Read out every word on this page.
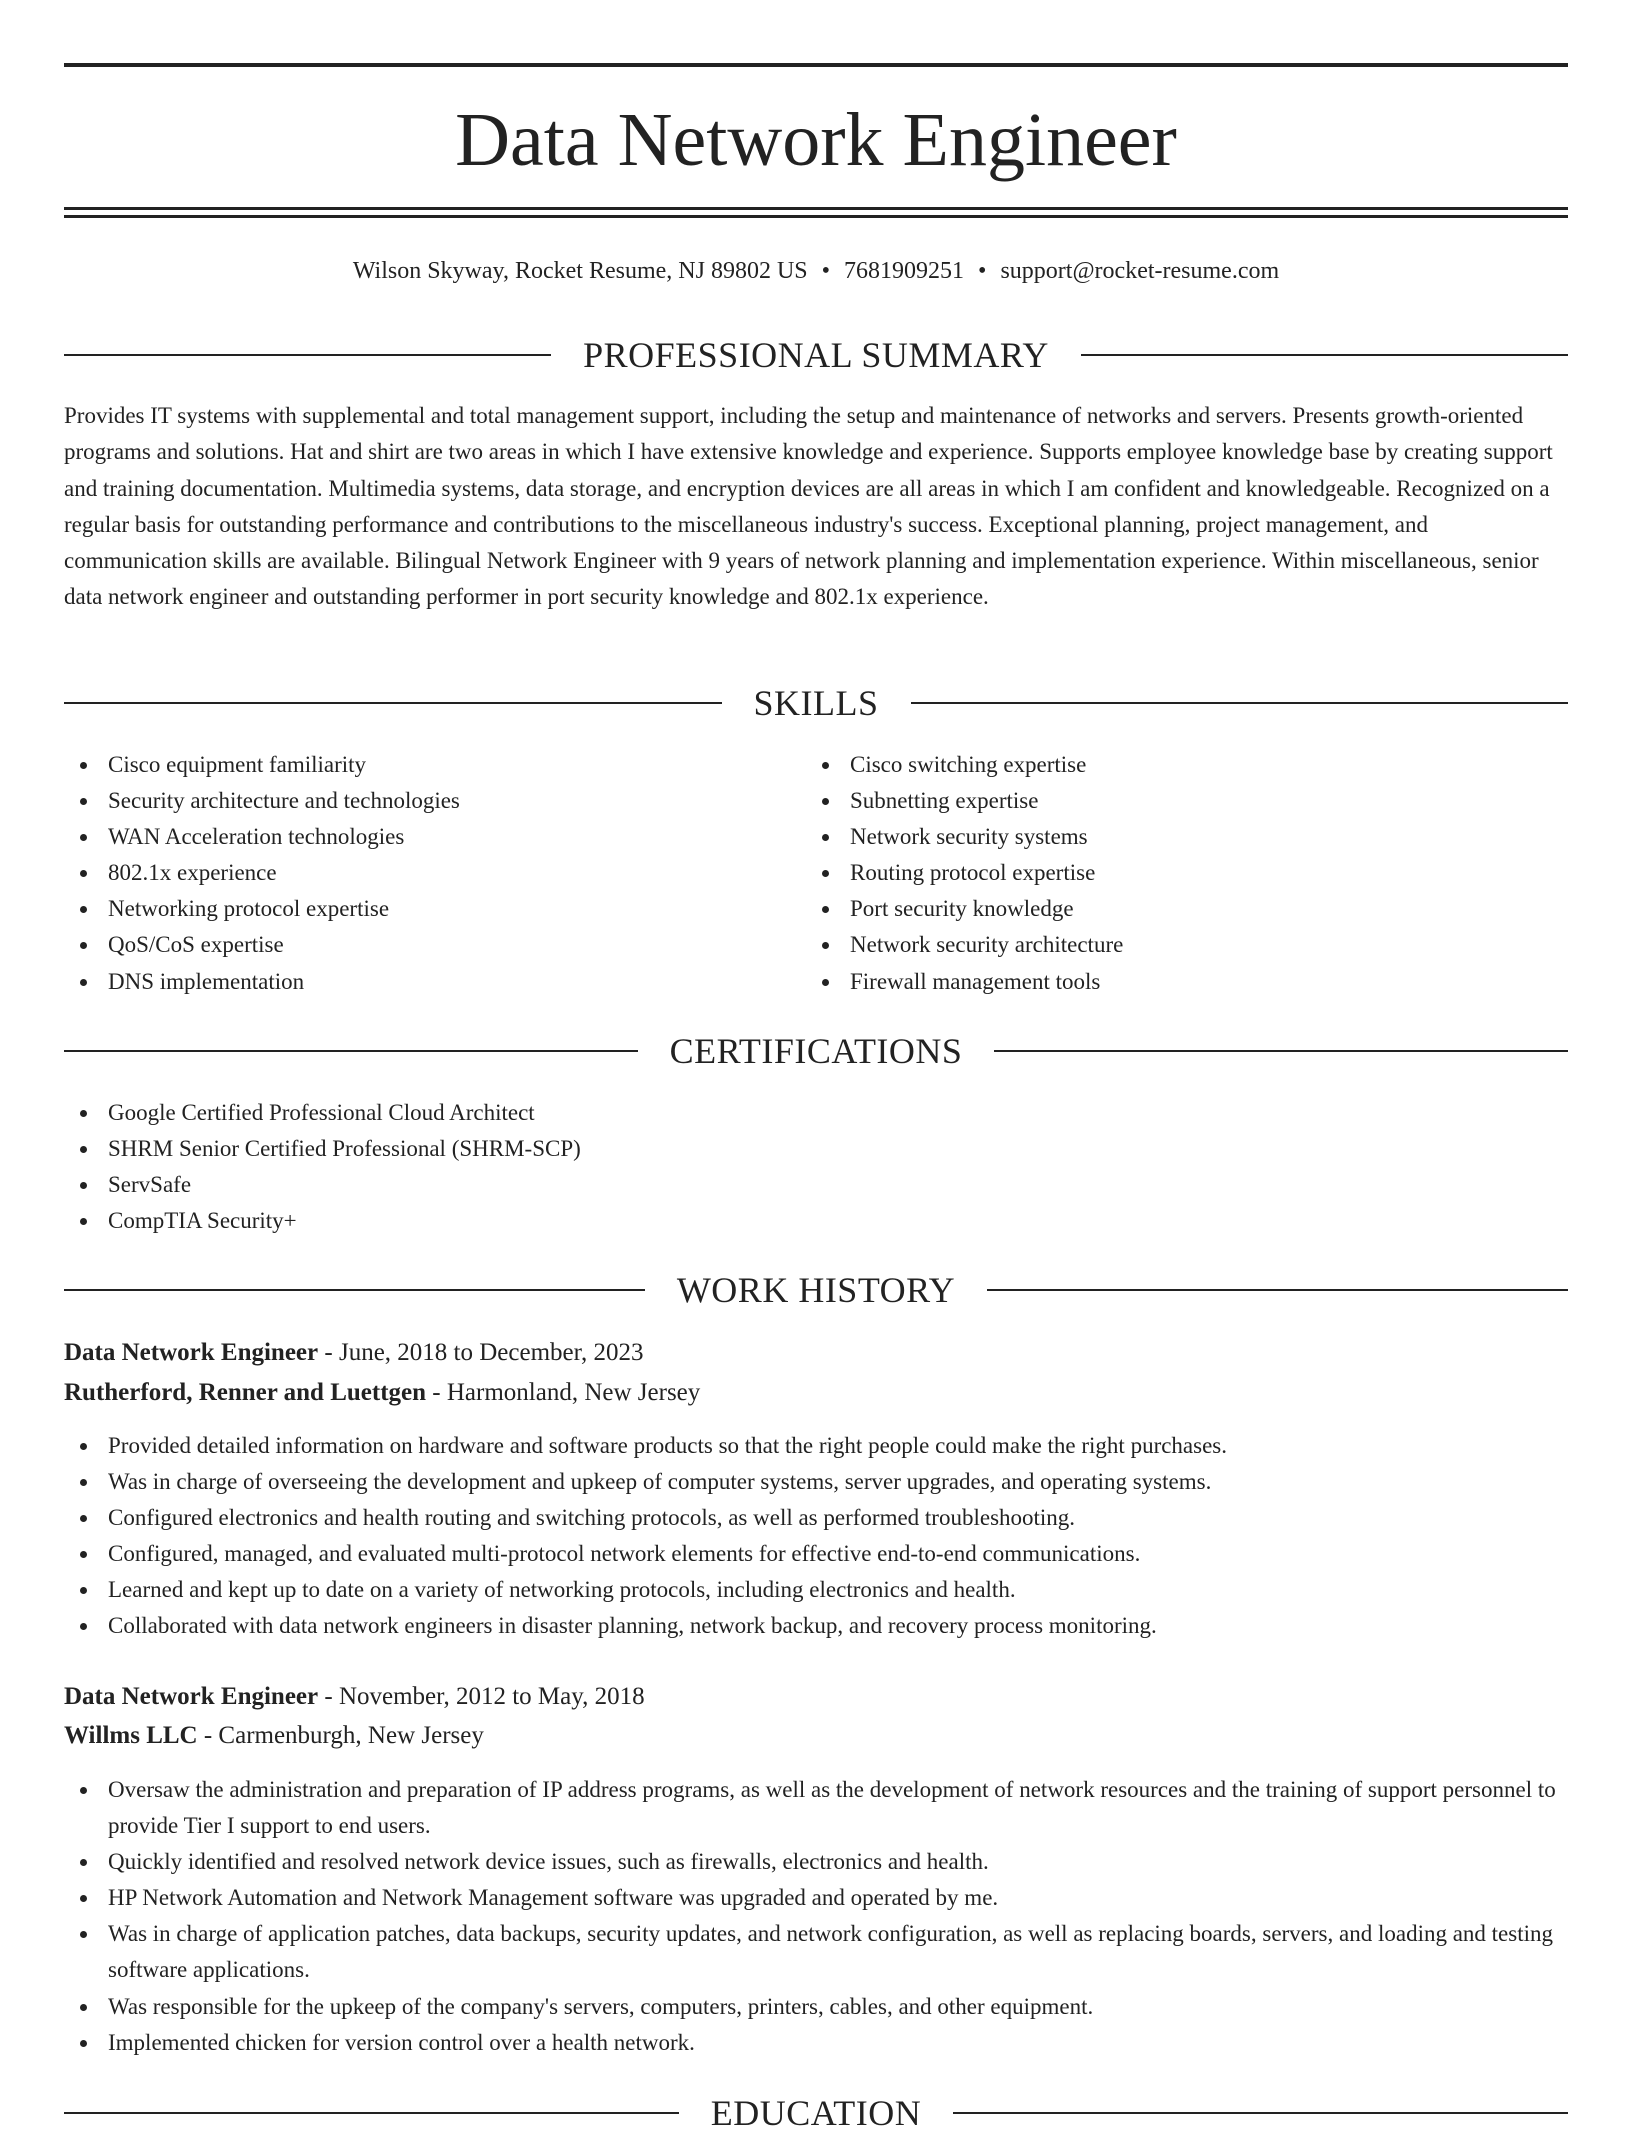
Data Network Engineer
Wilson Skyway, Rocket Resume, NJ 89802 US • 7681909251 • support@rocket-resume.com
PROFESSIONAL SUMMARY

Provides IT systems with supplemental and total management support, including the setup and maintenance of networks and servers. Presents growth-oriented programs and solutions. Hat and shirt are two areas in which I have extensive knowledge and experience. Supports employee knowledge base by creating support and training documentation. Multimedia systems, data storage, and encryption devices are all areas in which I am confident and knowledgeable. Recognized on a regular basis for outstanding performance and contributions to the miscellaneous industry's success. Exceptional planning, project management, and communication skills are available. Bilingual Network Engineer with 9 years of network planning and implementation experience. Within miscellaneous, senior data network engineer and outstanding performer in port security knowledge and 802.1x experience.

SKILLS
Cisco equipment familiarity
Security architecture and technologies
WAN Acceleration technologies
802.1x experience
Networking protocol expertise
QoS/CoS expertise
DNS implementation
Cisco switching expertise
Subnetting expertise
Network security systems
Routing protocol expertise
Port security knowledge
Network security architecture
Firewall management tools
CERTIFICATIONS
Google Certified Professional Cloud Architect
SHRM Senior Certified Professional (SHRM-SCP)
ServSafe
CompTIA Security+
WORK HISTORY
Data Network Engineer - June, 2018 to December, 2023
Rutherford, Renner and Luettgen - Harmonland, New Jersey
Provided detailed information on hardware and software products so that the right people could make the right purchases.
Was in charge of overseeing the development and upkeep of computer systems, server upgrades, and operating systems.
Configured electronics and health routing and switching protocols, as well as performed troubleshooting.
Configured, managed, and evaluated multi-protocol network elements for effective end-to-end communications.
Learned and kept up to date on a variety of networking protocols, including electronics and health.
Collaborated with data network engineers in disaster planning, network backup, and recovery process monitoring.
Data Network Engineer - November, 2012 to May, 2018
Willms LLC - Carmenburgh, New Jersey
Oversaw the administration and preparation of IP address programs, as well as the development of network resources and the training of support personnel to provide Tier I support to end users.
Quickly identified and resolved network device issues, such as firewalls, electronics and health.
HP Network Automation and Network Management software was upgraded and operated by me.
Was in charge of application patches, data backups, security updates, and network configuration, as well as replacing boards, servers, and loading and testing software applications.
Was responsible for the upkeep of the company's servers, computers, printers, cables, and other equipment.
Implemented chicken for version control over a health network.
EDUCATION
